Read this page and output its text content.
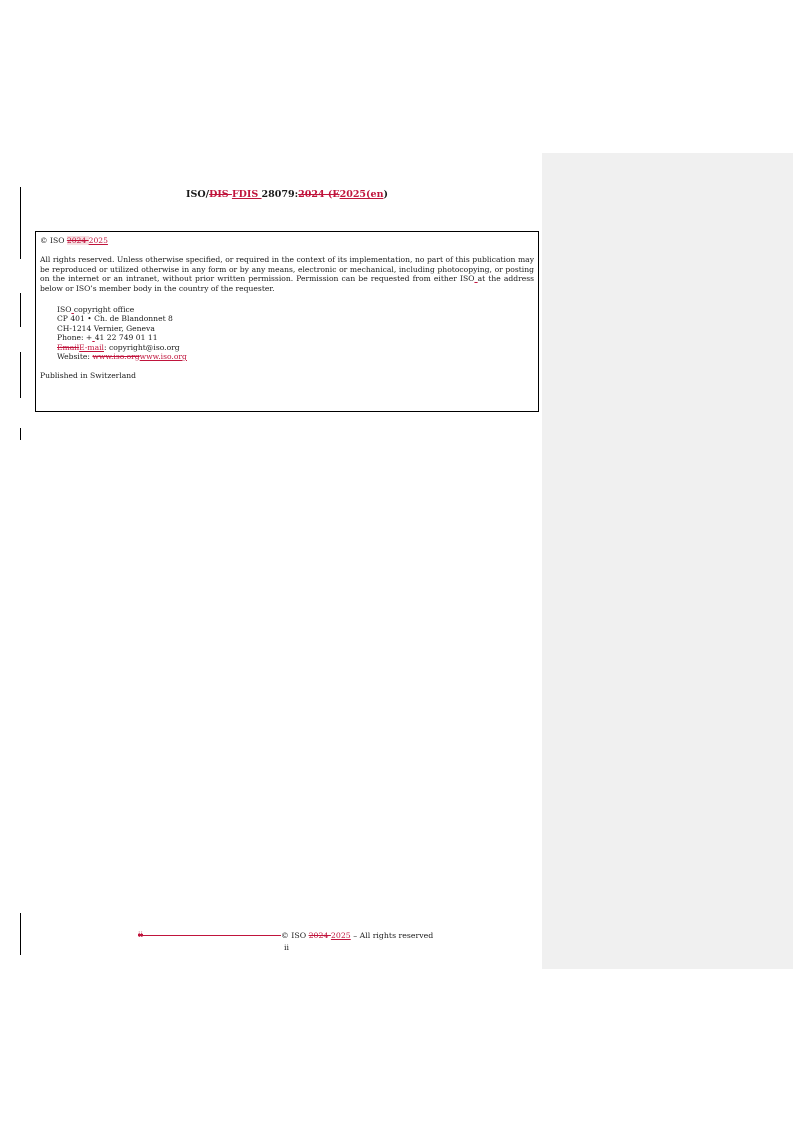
ISO/DIS FDIS 28079:2024 (E2025(en)

© ISO 2024 2025

All rights reserved. Unless otherwise specified, or required in the context of its implementation, no part of this publication may be reproduced or utilized otherwise in any form or by any means, electronic or mechanical, including photocopying, or posting on the internet or an intranet, without prior written permission. Permission can be requested from either ISO at the address below or ISO’s member body in the country of the requester.

ISO copyright office
CP 401 • Ch. de Blandonnet 8
CH-1214 Vernier, Geneva
Phone: + 41 22 749 01 11
EmailE-mail: copyright@iso.org
Website: www.iso.orgwww.iso.org

Published in Switzerland

ii	© ISO 2024 2025 – All rights reserved
ii
